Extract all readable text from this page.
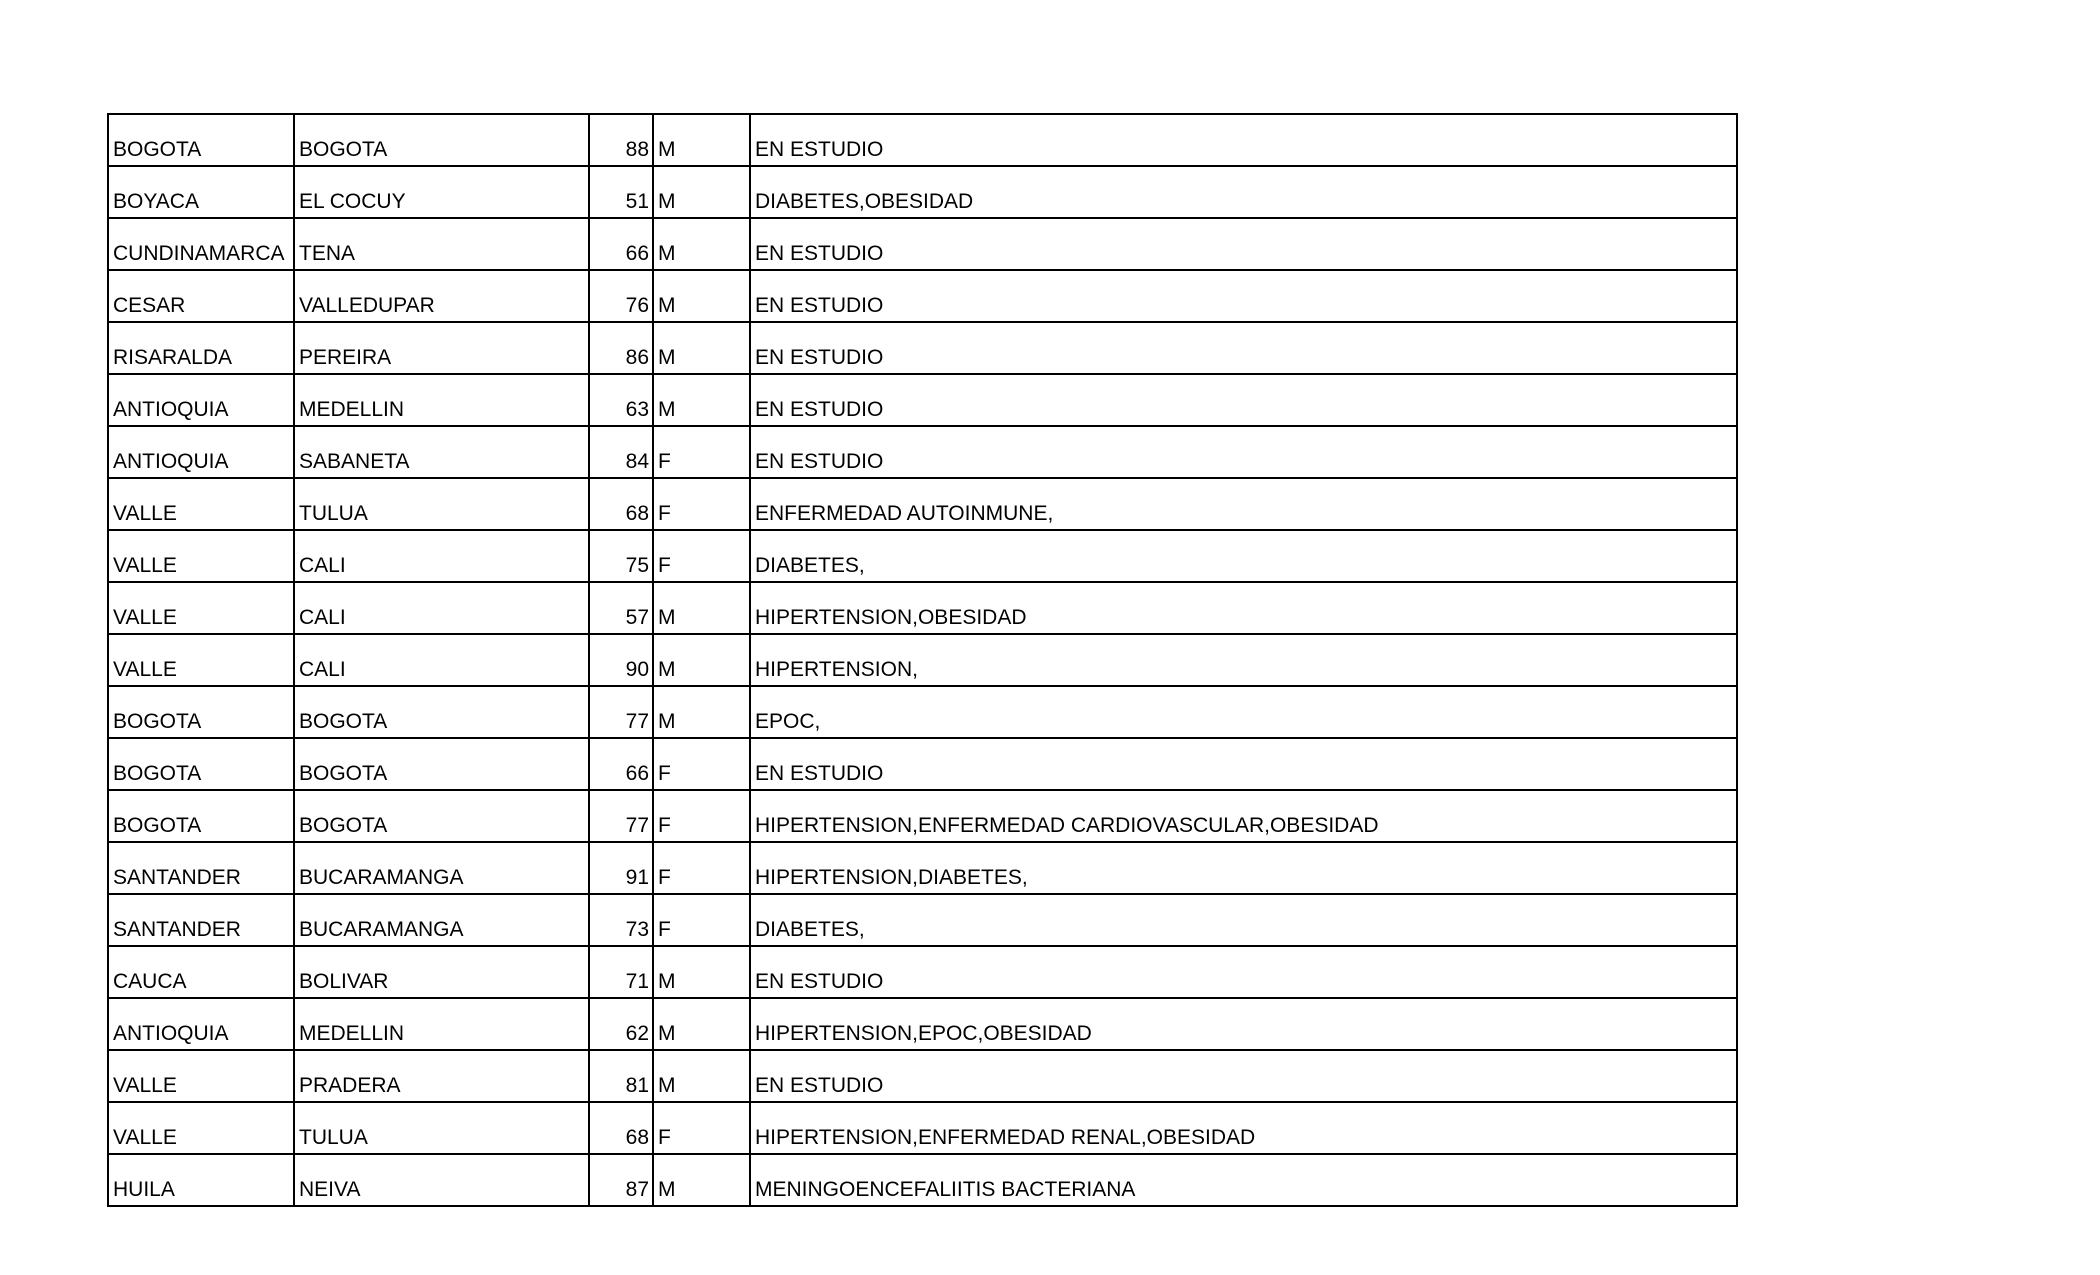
BOGOTA	BOGOTA	88	M	EN ESTUDIO
BOYACA	EL COCUY	51	M	DIABETES,OBESIDAD
CUNDINAMARCA	TENA	66	M	EN ESTUDIO
CESAR	VALLEDUPAR	76	M	EN ESTUDIO
RISARALDA	PEREIRA	86	M	EN ESTUDIO
ANTIOQUIA	MEDELLIN	63	M	EN ESTUDIO
ANTIOQUIA	SABANETA	84	F	EN ESTUDIO
VALLE	TULUA	68	F	ENFERMEDAD AUTOINMUNE,
VALLE	CALI	75	F	DIABETES,
VALLE	CALI	57	M	HIPERTENSION,OBESIDAD
VALLE	CALI	90	M	HIPERTENSION,
BOGOTA	BOGOTA	77	M	EPOC,
BOGOTA	BOGOTA	66	F	EN ESTUDIO
BOGOTA	BOGOTA	77	F	HIPERTENSION,ENFERMEDAD CARDIOVASCULAR,OBESIDAD
SANTANDER	BUCARAMANGA	91	F	HIPERTENSION,DIABETES,
SANTANDER	BUCARAMANGA	73	F	DIABETES,
CAUCA	BOLIVAR	71	M	EN ESTUDIO
ANTIOQUIA	MEDELLIN	62	M	HIPERTENSION,EPOC,OBESIDAD
VALLE	PRADERA	81	M	EN ESTUDIO
VALLE	TULUA	68	F	HIPERTENSION,ENFERMEDAD RENAL,OBESIDAD
HUILA	NEIVA	87	M	MENINGOENCEFALIITIS BACTERIANA
